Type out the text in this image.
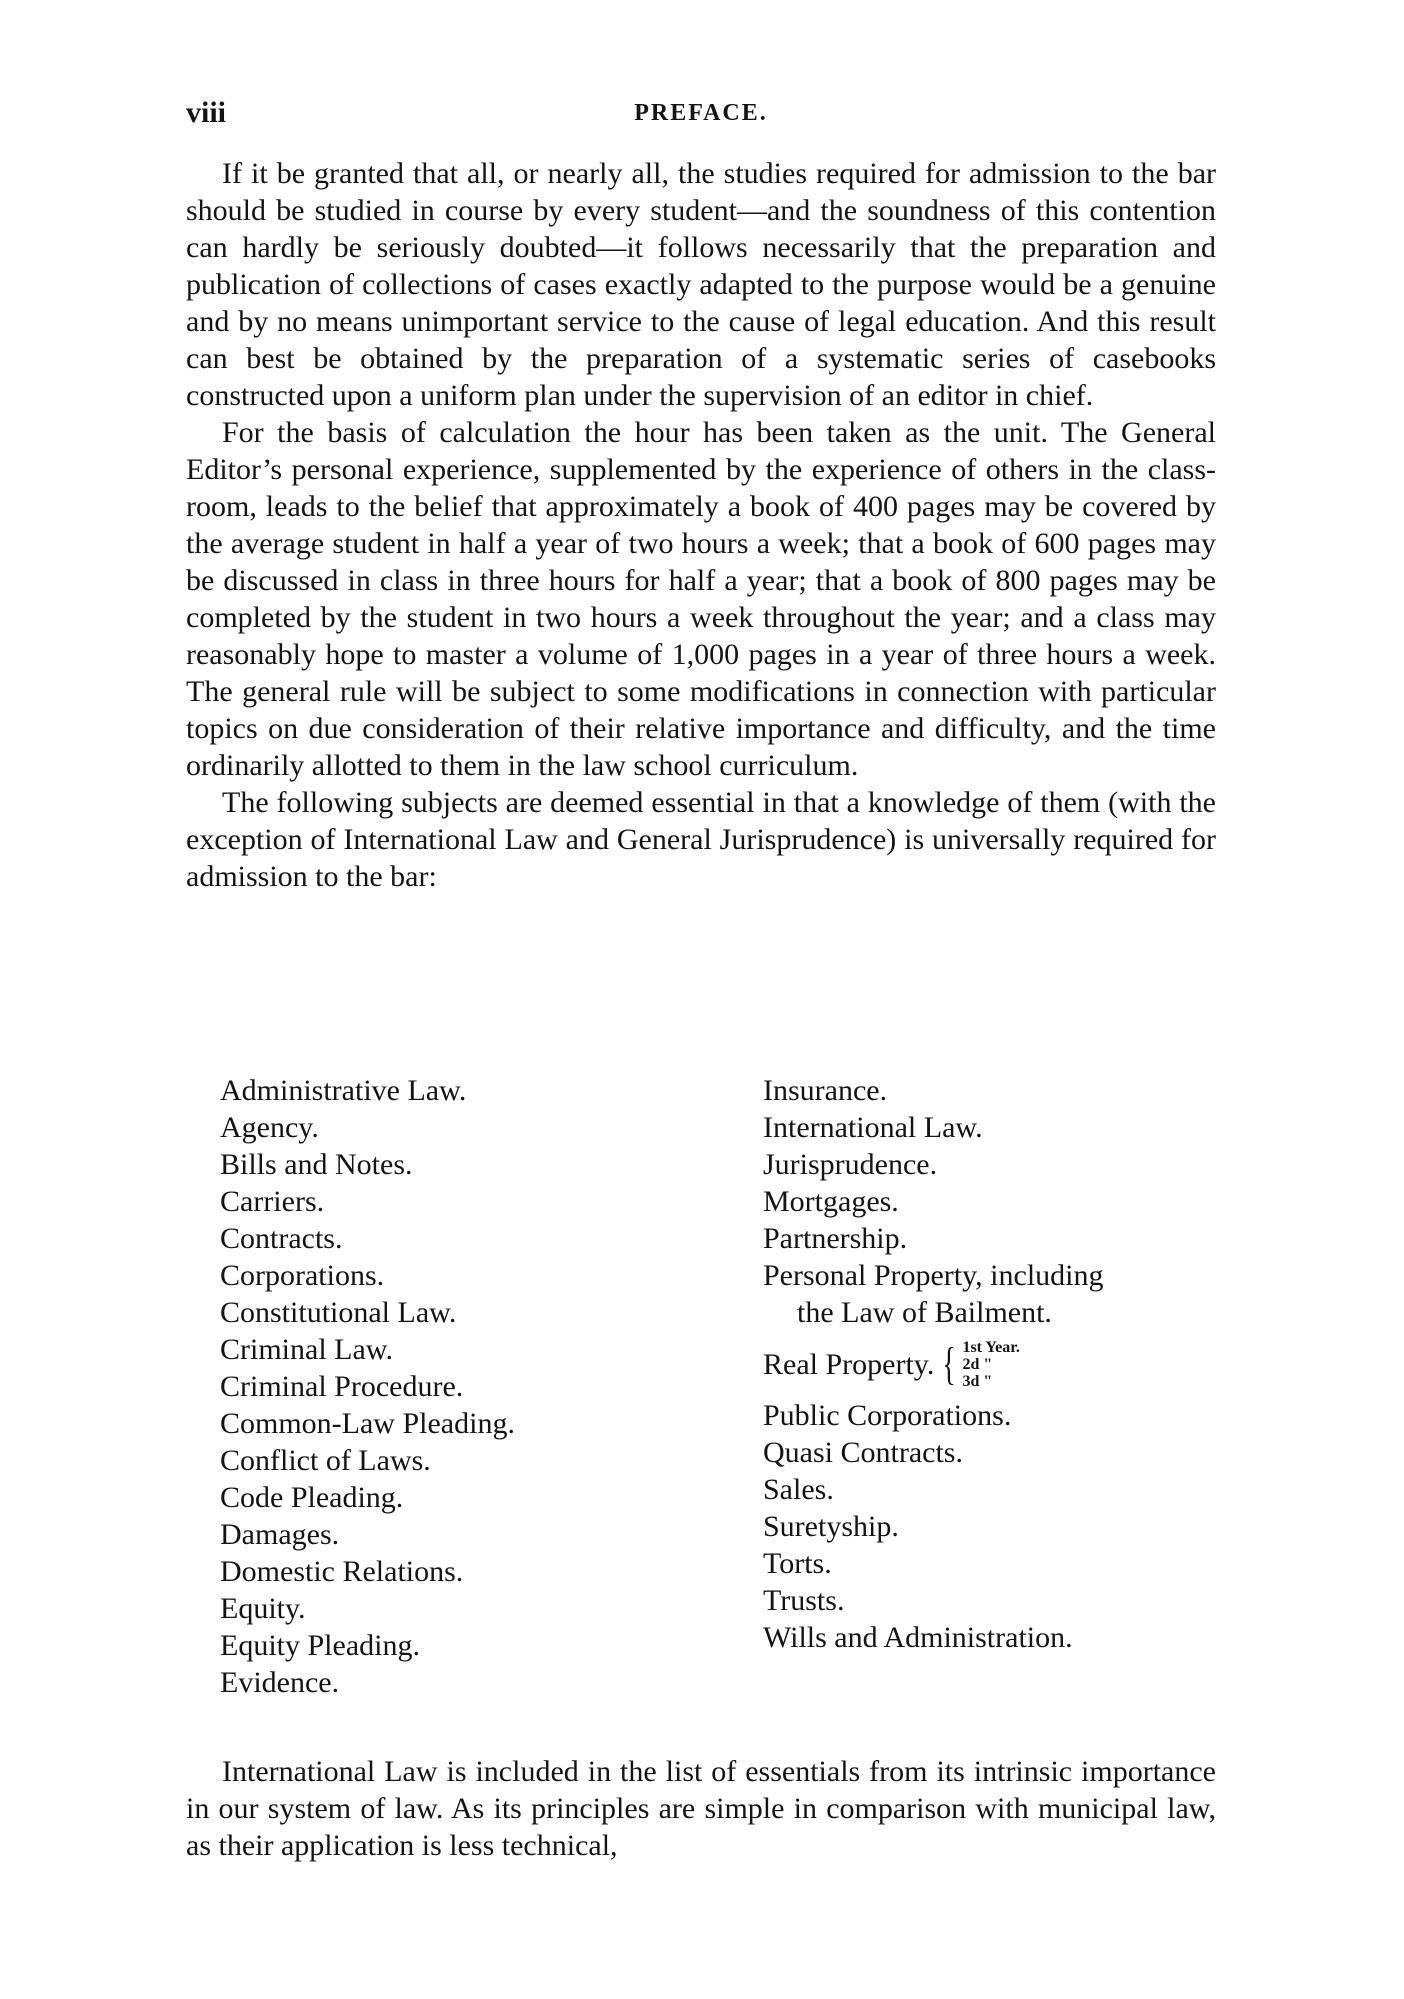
viii	PREFACE.

If it be granted that all, or nearly all, the studies required for admission to the bar should be studied in course by every student—and the soundness of this contention can hardly be seriously doubted—it follows necessarily that the preparation and publication of collections of cases exactly adapted to the purpose would be a genuine and by no means unimportant service to the cause of legal education. And this result can best be obtained by the preparation of a systematic series of casebooks constructed upon a uniform plan under the supervision of an editor in chief.

For the basis of calculation the hour has been taken as the unit. The General Editor’s personal experience, supplemented by the experience of others in the class-room, leads to the belief that approximately a book of 400 pages may be covered by the average student in half a year of two hours a week; that a book of 600 pages may be discussed in class in three hours for half a year; that a book of 800 pages may be completed by the student in two hours a week throughout the year; and a class may reasonably hope to master a volume of 1,000 pages in a year of three hours a week. The general rule will be subject to some modifications in connection with particular topics on due consideration of their relative importance and difficulty, and the time ordinarily allotted to them in the law school curriculum.

The following subjects are deemed essential in that a knowledge of them (with the exception of International Law and General Jurisprudence) is universally required for admission to the bar:

Administrative Law.
Agency.
Bills and Notes.
Carriers.
Contracts.
Corporations.
Constitutional Law.
Criminal Law.
Criminal Procedure.
Common-Law Pleading.
Conflict of Laws.
Code Pleading.
Damages.
Domestic Relations.
Equity.
Equity Pleading.
Evidence.
Insurance.
International Law.
Jurisprudence.
Mortgages.
Partnership.
Personal Property, including
the Law of Bailment.
Real Property. { 1st Year.
2d "
3d "
Public Corporations.
Quasi Contracts.
Sales.
Suretyship.
Torts.
Trusts.
Wills and Administration.

International Law is included in the list of essentials from its intrinsic importance in our system of law. As its principles are simple in comparison with municipal law, as their application is less technical,
